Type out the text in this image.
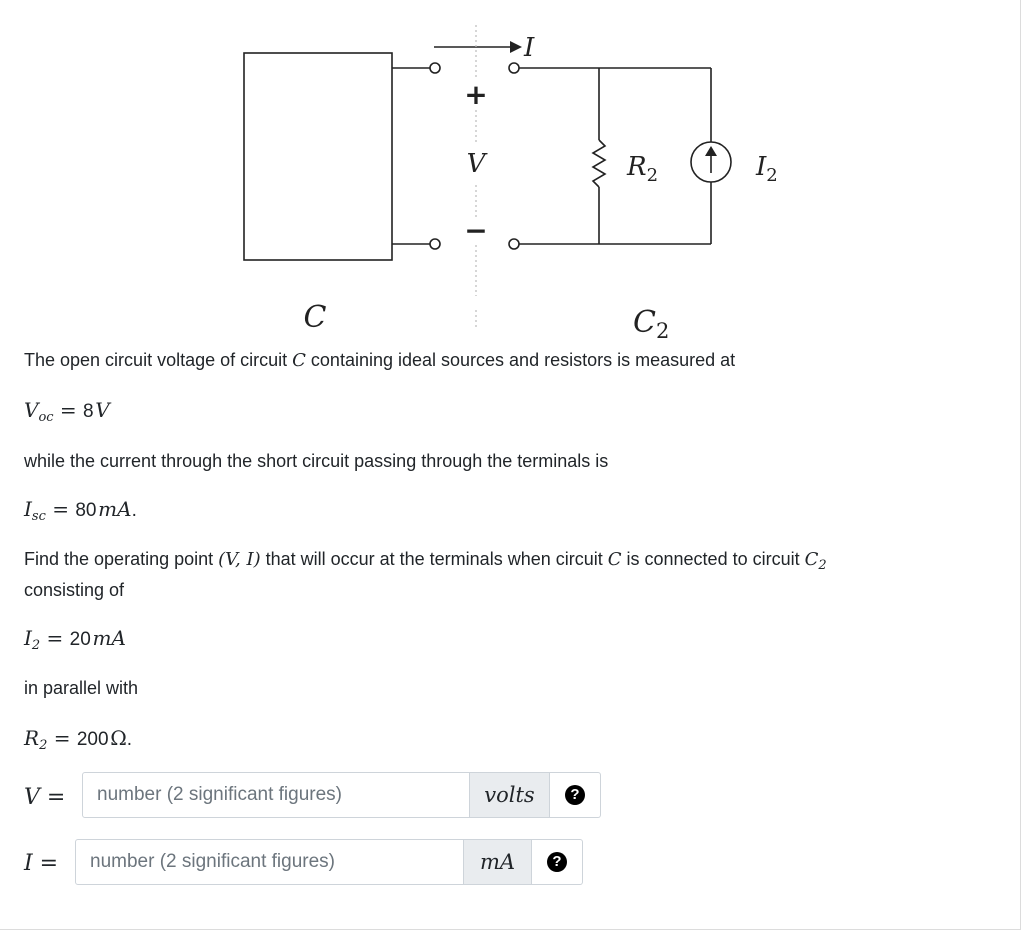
I
+
V
−
$R_2$	$I_2$
C	$C_2$
The open circuit voltage of circuit C containing ideal sources and resistors is measured at
$V_{oc} = 8$ V
while the current through the short circuit passing through the terminals is
$I_{sc} = 80$ mA.
Find the operating point (V, I) that will occur at the terminals when circuit C is connected to circuit $C_2$
consisting of
$I_2 = 20$ mA
in parallel with
$R_2 = 200$ Ω.
V =
number (2 significant figures)	volts	?
I =
number (2 significant figures)	mA	?
